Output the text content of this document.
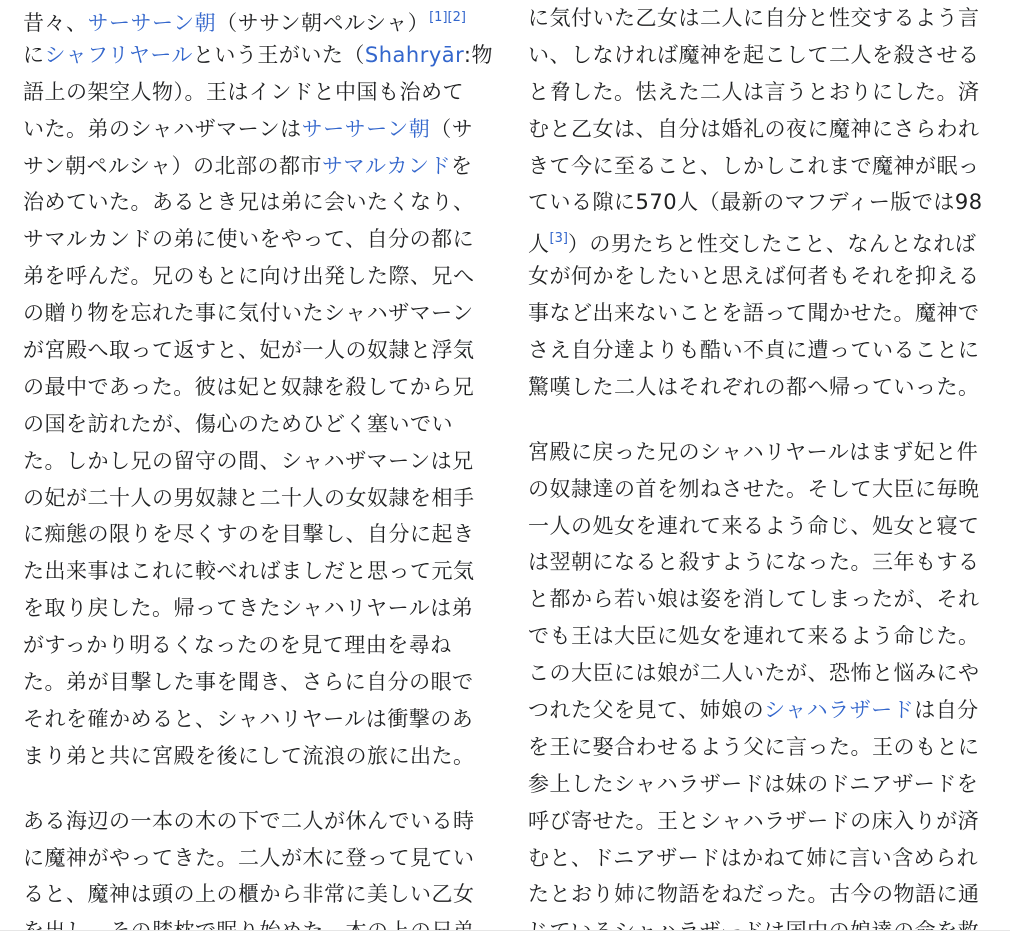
昔々、サーサーン朝（ササン朝ペルシャ）[1][2]
にシャフリヤールという王がいた（Shahryār:物
語上の架空人物）。王はインドと中国も治めて
いた。弟のシャハザマーンはサーサーン朝（サ
サン朝ペルシャ）の北部の都市サマルカンドを
治めていた。あるとき兄は弟に会いたくなり、
サマルカンドの弟に使いをやって、自分の都に
弟を呼んだ。兄のもとに向け出発した際、兄へ
の贈り物を忘れた事に気付いたシャハザマーン
が宮殿へ取って返すと、妃が一人の奴隷と浮気
の最中であった。彼は妃と奴隷を殺してから兄
の国を訪れたが、傷心のためひどく塞いでい
た。しかし兄の留守の間、シャハザマーンは兄
の妃が二十人の男奴隷と二十人の女奴隷を相手
に痴態の限りを尽くすのを目撃し、自分に起き
た出来事はこれに較べればましだと思って元気
を取り戻した。帰ってきたシャハリヤールは弟
がすっかり明るくなったのを見て理由を尋ね
た。弟が目撃した事を聞き、さらに自分の眼で
それを確かめると、シャハリヤールは衝撃のあ
まり弟と共に宮殿を後にして流浪の旅に出た。

ある海辺の一本の木の下で二人が休んでいる時
に魔神がやってきた。二人が木に登って見てい
ると、魔神は頭の上の櫃から非常に美しい乙女

に気付いた乙女は二人に自分と性交するよう言
い、しなければ魔神を起こして二人を殺させる
と脅した。怯えた二人は言うとおりにした。済
むと乙女は、自分は婚礼の夜に魔神にさらわれ
きて今に至ること、しかしこれまで魔神が眠っ
ている隙に570人（最新のマフディー版では98
人[3]）の男たちと性交したこと、なんとなれば
女が何かをしたいと思えば何者もそれを抑える
事など出来ないことを語って聞かせた。魔神で
さえ自分達よりも酷い不貞に遭っていることに
驚嘆した二人はそれぞれの都へ帰っていった。

宮殿に戻った兄のシャハリヤールはまず妃と件
の奴隷達の首を刎ねさせた。そして大臣に毎晩
一人の処女を連れて来るよう命じ、処女と寝て
は翌朝になると殺すようになった。三年もする
と都から若い娘は姿を消してしまったが、それ
でも王は大臣に処女を連れて来るよう命じた。
この大臣には娘が二人いたが、恐怖と悩みにや
つれた父を見て、姉娘のシャハラザードは自分
を王に娶合わせるよう父に言った。王のもとに
参上したシャハラザードは妹のドニアザードを
呼び寄せた。王とシャハラザードの床入りが済
むと、ドニアザードはかねて姉に言い含められ
たとおり姉に物語をねだった。古今の物語に通
